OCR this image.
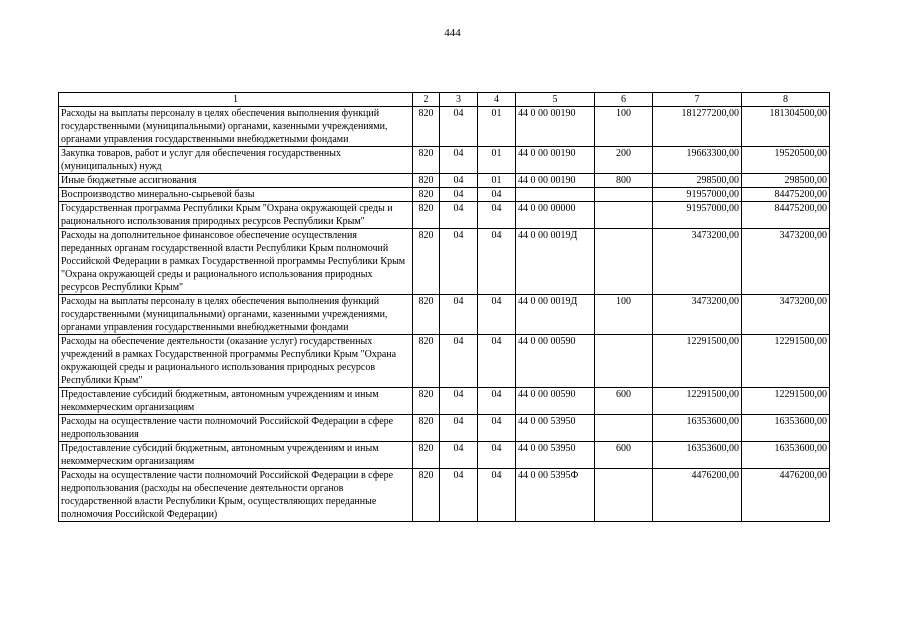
444
1	2	3	4	5	6	7	8
Расходы на выплаты персоналу в целях обеспечения выполнения функций государственными (муниципальными) органами, казенными учреждениями, органами управления государственными внебюджетными фондами	820	04	01	44 0 00 00190	100	181277200,00	181304500,00
Закупка товаров, работ и услуг для обеспечения государственных (муниципальных) нужд	820	04	01	44 0 00 00190	200	19663300,00	19520500,00
Иные бюджетные ассигнования	820	04	01	44 0 00 00190	800	298500,00	298500,00
Воспроизводство минерально-сырьевой базы	820	04	04			91957000,00	84475200,00
Государственная программа Республики Крым "Охрана окружающей среды и рационального использования природных ресурсов Республики Крым"	820	04	04	44 0 00 00000		91957000,00	84475200,00
Расходы на дополнительное финансовое обеспечение осуществления переданных органам государственной власти Республики Крым полномочий Российской Федерации в рамках Государственной программы Республики Крым "Охрана окружающей среды и рационального использования природных ресурсов Республики Крым"	820	04	04	44 0 00 0019Д		3473200,00	3473200,00
Расходы на выплаты персоналу в целях обеспечения выполнения функций государственными (муниципальными) органами, казенными учреждениями, органами управления государственными внебюджетными фондами	820	04	04	44 0 00 0019Д	100	3473200,00	3473200,00
Расходы на обеспечение деятельности (оказание услуг) государственных учреждений в рамках Государственной программы Республики Крым "Охрана окружающей среды и рационального использования природных ресурсов Республики Крым"	820	04	04	44 0 00 00590		12291500,00	12291500,00
Предоставление субсидий бюджетным, автономным учреждениям и иным некоммерческим организациям	820	04	04	44 0 00 00590	600	12291500,00	12291500,00
Расходы на осуществление части полномочий Российской Федерации в сфере недропользования	820	04	04	44 0 00 53950		16353600,00	16353600,00
Предоставление субсидий бюджетным, автономным учреждениям и иным некоммерческим организациям	820	04	04	44 0 00 53950	600	16353600,00	16353600,00
Расходы на осуществление части полномочий Российской Федерации в сфере недропользования (расходы на обеспечение деятельности органов государственной власти Республики Крым, осуществляющих переданные полномочия Российской Федерации)	820	04	04	44 0 00 5395Ф		4476200,00	4476200,00
